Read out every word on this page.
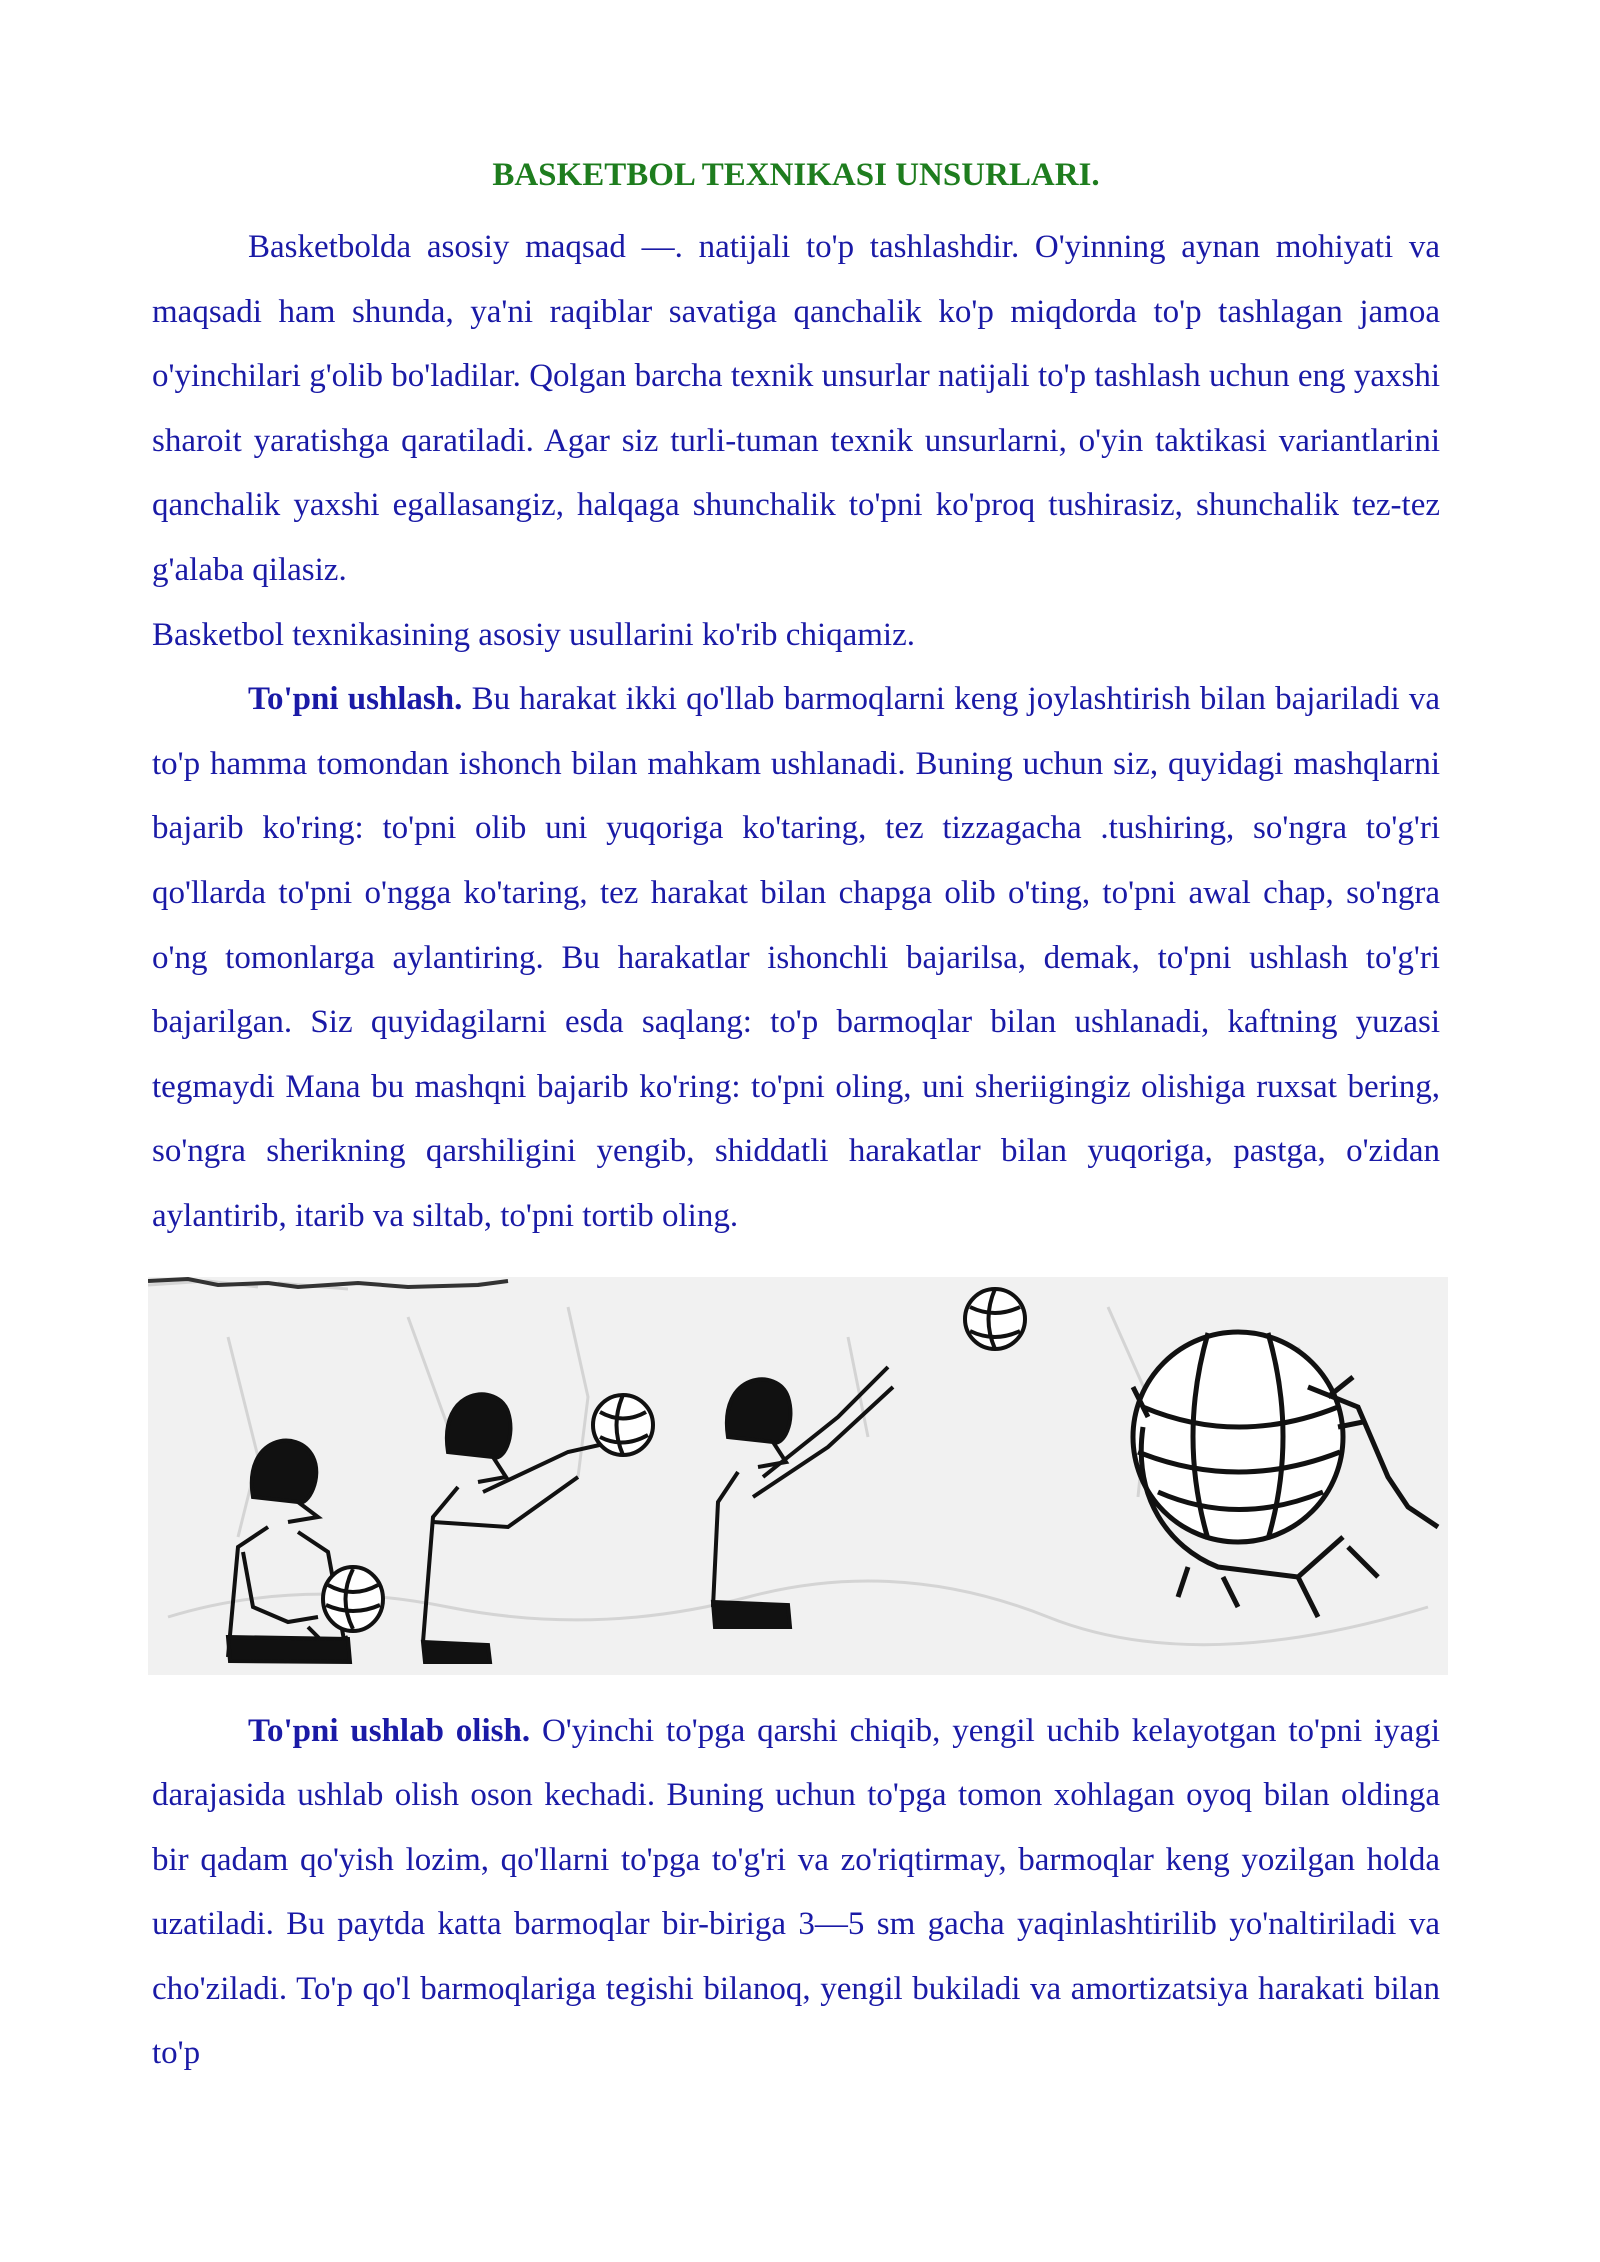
BASKETBOL TEXNIKASI UNSURLARI.

Basketbolda asosiy maqsad —. natijali to'p tashlashdir. O'yinning aynan mohiyati va maqsadi ham shunda, ya'ni raqiblar savatiga qanchalik ko'p miqdorda to'p tashlagan jamoa o'yinchilari g'olib bo'ladilar. Qolgan barcha texnik unsurlar natijali to'p tashlash uchun eng yaxshi sharoit yaratishga qaratiladi. Agar siz turli-tuman texnik unsurlarni, o'yin taktikasi variantlarini qanchalik yaxshi egallasangiz, halqaga shunchalik to'pni ko'proq tushirasiz, shunchalik tez-tez g'alaba qilasiz.

Basketbol texnikasining asosiy usullarini ko'rib chiqamiz.

To'pni ushlash. Bu harakat ikki qo'llab barmoqlarni keng joylashtirish bilan bajariladi va to'p hamma tomondan ishonch bilan mahkam ushlanadi. Buning uchun siz, quyidagi mashqlarni bajarib ko'ring: to'pni olib uni yuqoriga ko'taring, tez tizzagacha .tushiring, so'ngra to'g'ri qo'llarda to'pni o'ngga ko'taring, tez harakat bilan chapga olib o'ting, to'pni awal chap, so'ngra o'ng tomonlarga aylantiring. Bu harakatlar ishonchli bajarilsa, demak, to'pni ushlash to'g'ri bajarilgan. Siz quyidagilarni esda saqlang: to'p barmoqlar bilan ushlanadi, kaftning yuzasi tegmaydi Mana bu mashqni bajarib ko'ring: to'pni oling, uni sheriigingiz olishiga ruxsat bering, so'ngra sherikning qarshiligini yengib, shiddatli harakatlar bilan yuqoriga, pastga, o'zidan aylantirib, itarib va siltab, to'pni tortib oling.

To'pni ushlab olish. O'yinchi to'pga qarshi chiqib, yengil uchib kelayotgan to'pni iyagi darajasida ushlab olish oson kechadi. Buning uchun to'pga tomon xohlagan oyoq bilan oldinga bir qadam qo'yish lozim, qo'llarni to'pga to'g'ri va zo'riqtirmay, barmoqlar keng yozilgan holda uzatiladi. Bu paytda katta barmoqlar bir-biriga 3—5 sm gacha yaqinlashtirilib yo'naltiriladi va cho'ziladi. To'p qo'l barmoqlariga tegishi bilanoq, yengil bukiladi va amortizatsiya harakati bilan to'p
